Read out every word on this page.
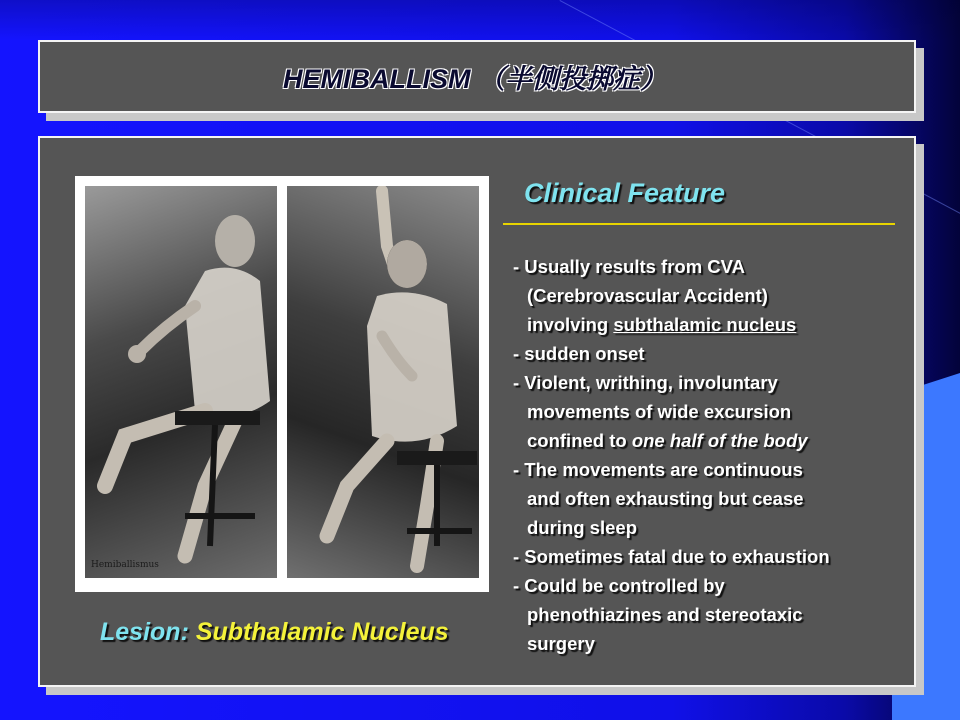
HEMIBALLISM （半侧投掷症）
Hemiballismus
Clinical Feature
- Usually results from CVA
(Cerebrovascular Accident)
involving subthalamic nucleus
- sudden onset
- Violent, writhing, involuntary
movements of wide excursion
confined to one half of the body
- The movements are continuous
and often exhausting but cease
during sleep
- Sometimes fatal due to exhaustion
- Could be controlled by
phenothiazines and stereotaxic
surgery
Lesion: Subthalamic Nucleus
